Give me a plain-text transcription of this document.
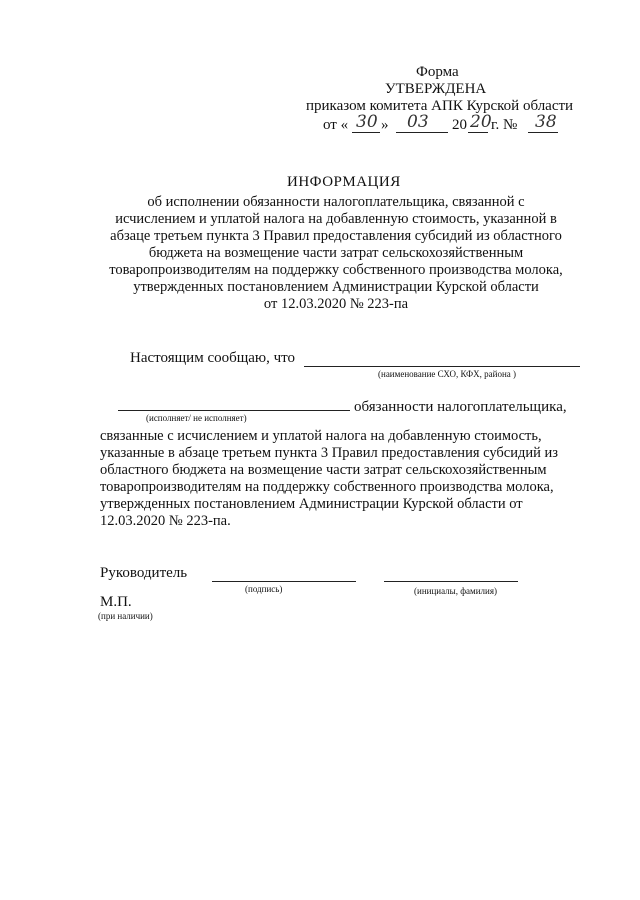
Форма
УТВЕРЖДЕНА
приказом комитета АПК Курской области
от « 30 » 03 20 20 г. № 38
ИНФОРМАЦИЯ
об исполнении обязанности налогоплательщика, связанной с
исчислением и уплатой налога на добавленную стоимость, указанной в
абзаце третьем пункта 3 Правил предоставления субсидий из областного
бюджета на возмещение части затрат сельскохозяйственным
товаропроизводителям на поддержку собственного производства молока,
утвержденных постановлением Администрации Курской области
от 12.03.2020 № 223-па
Настоящим сообщаю, что
(наименование СХО, КФХ, района )
обязанности налогоплательщика,
(исполняет/ не исполняет)
связанные с исчислением и уплатой налога на добавленную стоимость,
указанные в абзаце третьем пункта 3 Правил предоставления субсидий из
областного бюджета на возмещение части затрат сельскохозяйственным
товаропроизводителям на поддержку собственного производства молока,
утвержденных постановлением Администрации Курской области от
12.03.2020 № 223-па.
Руководитель
(подпись)	(инициалы, фамилия)
М.П.
(при наличии)
